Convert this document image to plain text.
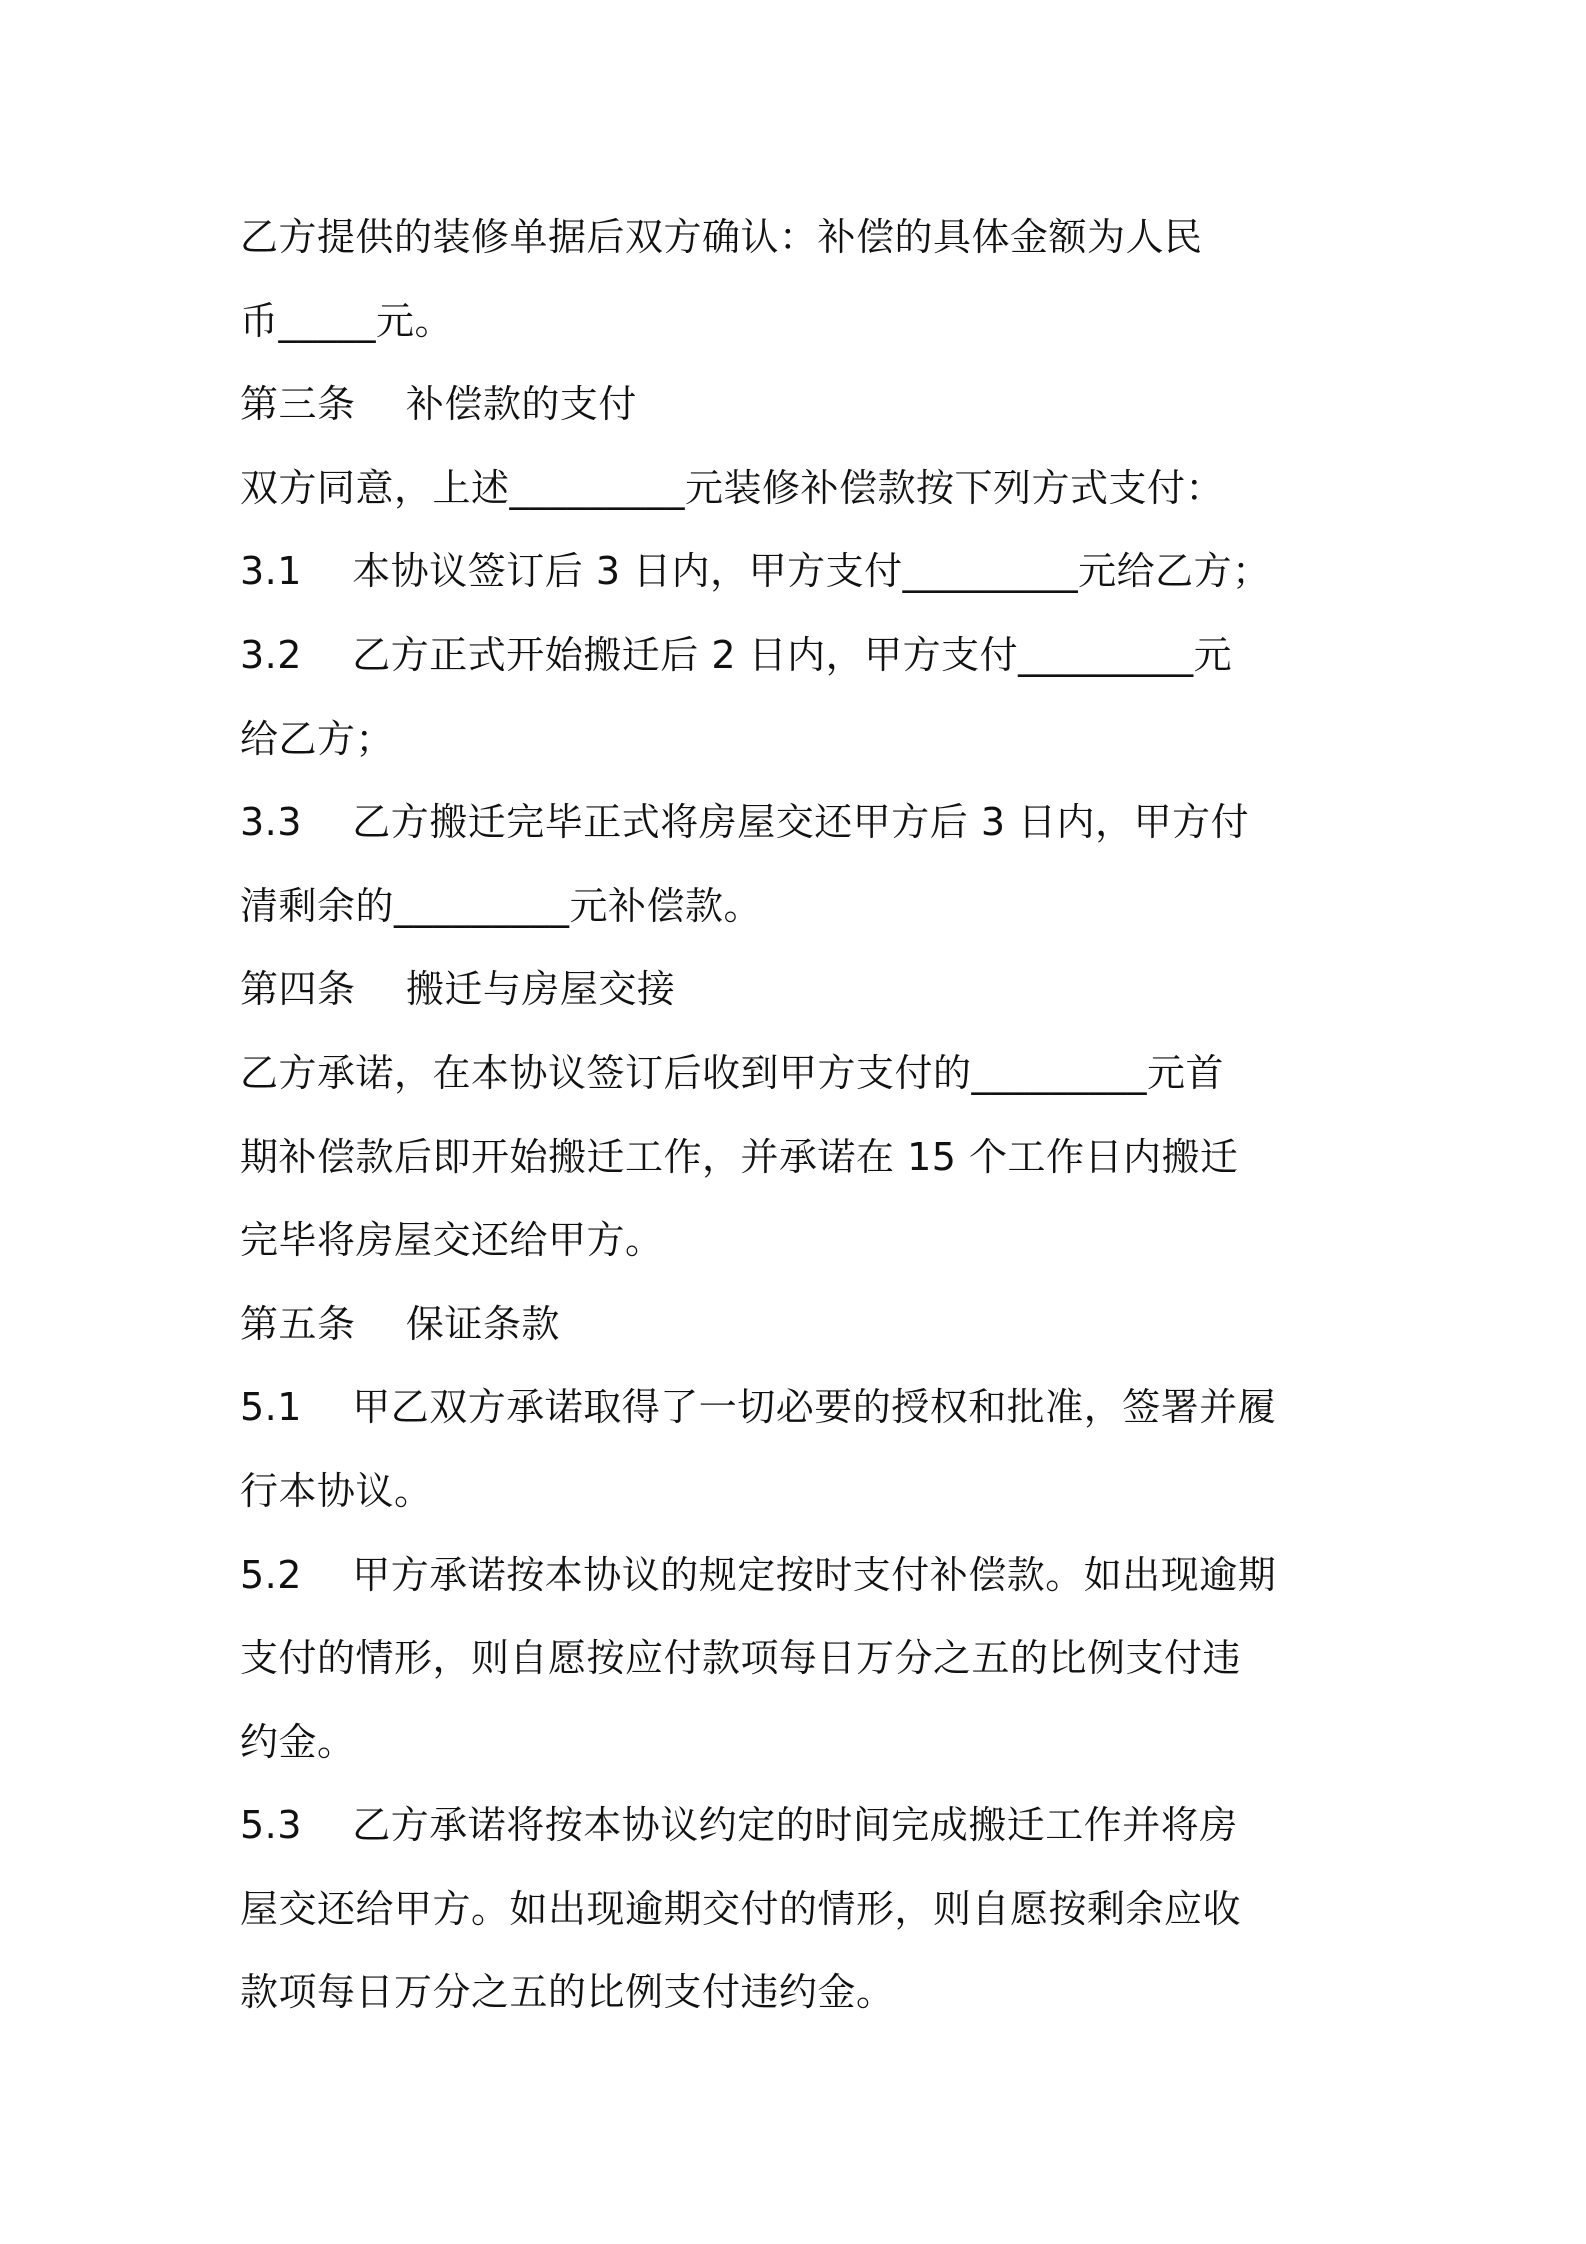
乙方提供的装修单据后双方确认：补偿的具体金额为人民
币_____元。
第三条    补偿款的支付
双方同意，上述_________元装修补偿款按下列方式支付：
3.1    本协议签订后 3 日内，甲方支付_________元给乙方；
3.2    乙方正式开始搬迁后 2 日内，甲方支付_________元
给乙方；
3.3    乙方搬迁完毕正式将房屋交还甲方后 3 日内，甲方付
清剩余的_________元补偿款。
第四条    搬迁与房屋交接
乙方承诺，在本协议签订后收到甲方支付的_________元首
期补偿款后即开始搬迁工作，并承诺在 15 个工作日内搬迁
完毕将房屋交还给甲方。
第五条    保证条款
5.1    甲乙双方承诺取得了一切必要的授权和批准，签署并履
行本协议。
5.2    甲方承诺按本协议的规定按时支付补偿款。如出现逾期
支付的情形，则自愿按应付款项每日万分之五的比例支付违
约金。
5.3    乙方承诺将按本协议约定的时间完成搬迁工作并将房
屋交还给甲方。如出现逾期交付的情形，则自愿按剩余应收
款项每日万分之五的比例支付违约金。
